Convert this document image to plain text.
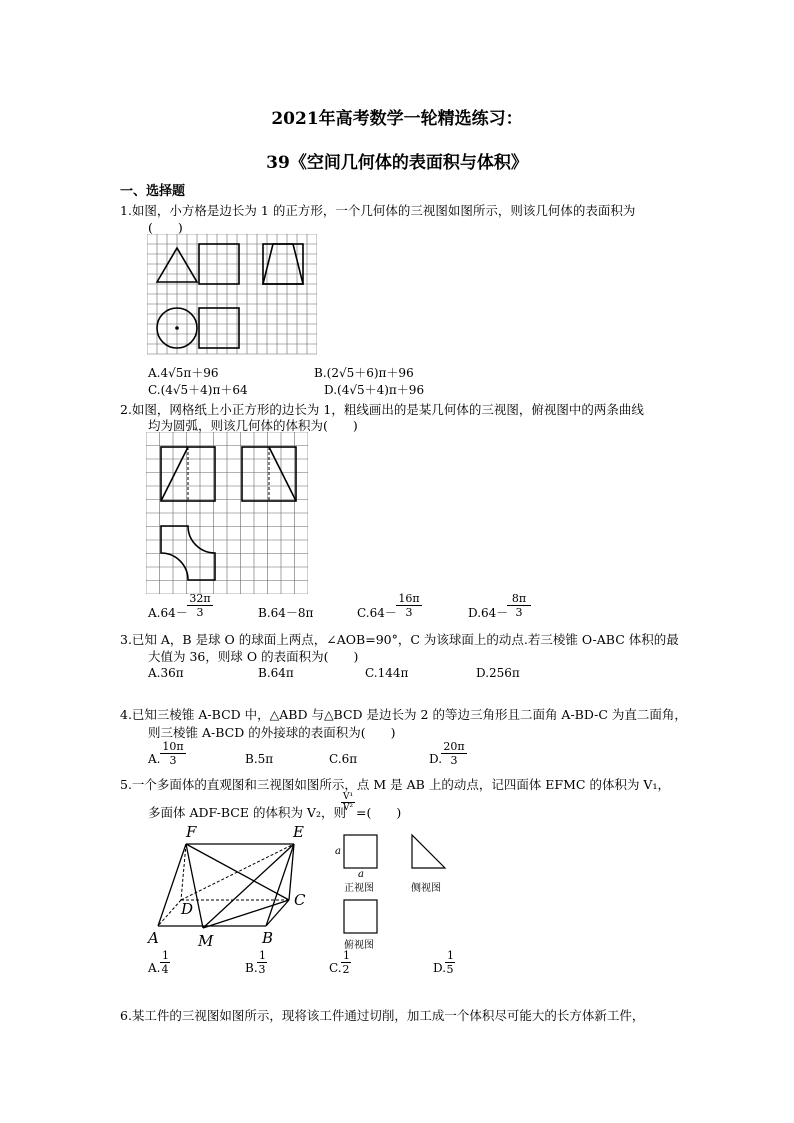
2021年高考数学一轮精选练习：
39《空间几何体的表面积与体积》
一、选择题
1.如图，小方格是边长为 1 的正方形，一个几何体的三视图如图所示，则该几何体的表面积为
(　　)
A.4√5π＋96	B.(2√5＋6)π＋96
C.(4√5＋4)π＋64	D.(4√5＋4)π＋96
2.如图，网格纸上小正方形的边长为 1，粗线画出的是某几何体的三视图，俯视图中的两条曲线
均为圆弧，则该几何体的体积为(　　)
$A.64- \frac{32\pi}{3}$	B.64－8π	$C.64- \frac{16\pi}{3}$	D.64－
$\frac{8\pi}{3}$
3.已知 A，B 是球 O 的球面上两点，∠AOB=90°，C 为该球面上的动点.若三棱锥 O-ABC 体积的最
大值为 36，则球 O 的表面积为(　　)
A.36π	B.64π	C.144π	D.256π
4.已知三棱锥 A-BCD 中，△ABD 与△BCD 是边长为 2 的等边三角形且二面角 A-BD-C 为直二面角，
则三棱锥 A-BCD 的外接球的表面积为(　　)
A. $\frac{10\pi}{3}$	B.5π	C.6π	D.
$\frac{20\pi}{3}$
5.一个多面体的直观图和三视图如图所示，点 M 是 AB 上的动点，记四面体 EFMC 的体积为 V₁，
多面体 ADF-BCE 的体积为 V₂，则
$\frac{\text{V¹}}{\text{V²}}$ =(　　)
F	E
D	C
A	M	B
a
a
正视图	侧视图
俯视图
A. $\frac{1}{4}$	B. $\frac{1}{3}$	C. $\frac{1}{2}$	D.
$\frac{1}{5}$
6.某工件的三视图如图所示，现将该工件通过切削，加工成一个体积尽可能大的长方体新工件，
